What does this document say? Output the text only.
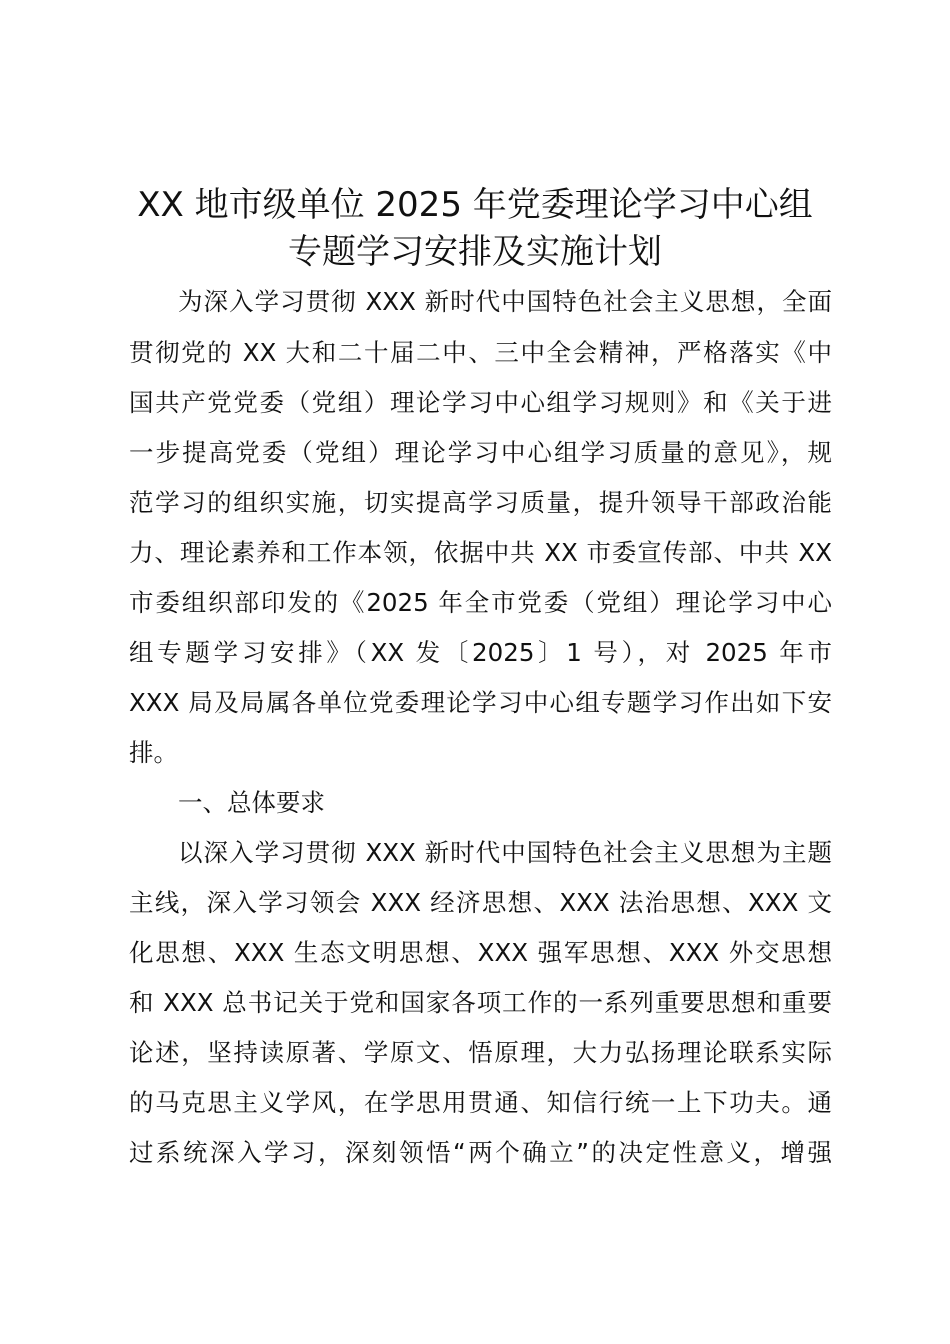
XX 地市级单位 2025 年党委理论学习中心组
专题学习安排及实施计划

为深入学习贯彻 XXX 新时代中国特色社会主义思想，全面

贯彻党的 XX 大和二十届二中、三中全会精神，严格落实《中

国共产党党委（党组）理论学习中心组学习规则》和《关于进

一步提高党委（党组）理论学习中心组学习质量的意见》，规

范学习的组织实施，切实提高学习质量，提升领导干部政治能

力、理论素养和工作本领，依据中共 XX 市委宣传部、中共 XX

市委组织部印发的《2025 年全市党委（党组）理论学习中心

组专题学习安排》（XX 发〔2025〕1 号），对 2025 年市

XXX 局及局属各单位党委理论学习中心组专题学习作出如下安

排。

一、总体要求

以深入学习贯彻 XXX 新时代中国特色社会主义思想为主题

主线，深入学习领会 XXX 经济思想、XXX 法治思想、XXX 文

化思想、XXX 生态文明思想、XXX 强军思想、XXX 外交思想

和 XXX 总书记关于党和国家各项工作的一系列重要思想和重要

论述，坚持读原著、学原文、悟原理，大力弘扬理论联系实际

的马克思主义学风，在学思用贯通、知信行统一上下功夫。通

过系统深入学习，深刻领悟“两个确立”的决定性意义，增强
